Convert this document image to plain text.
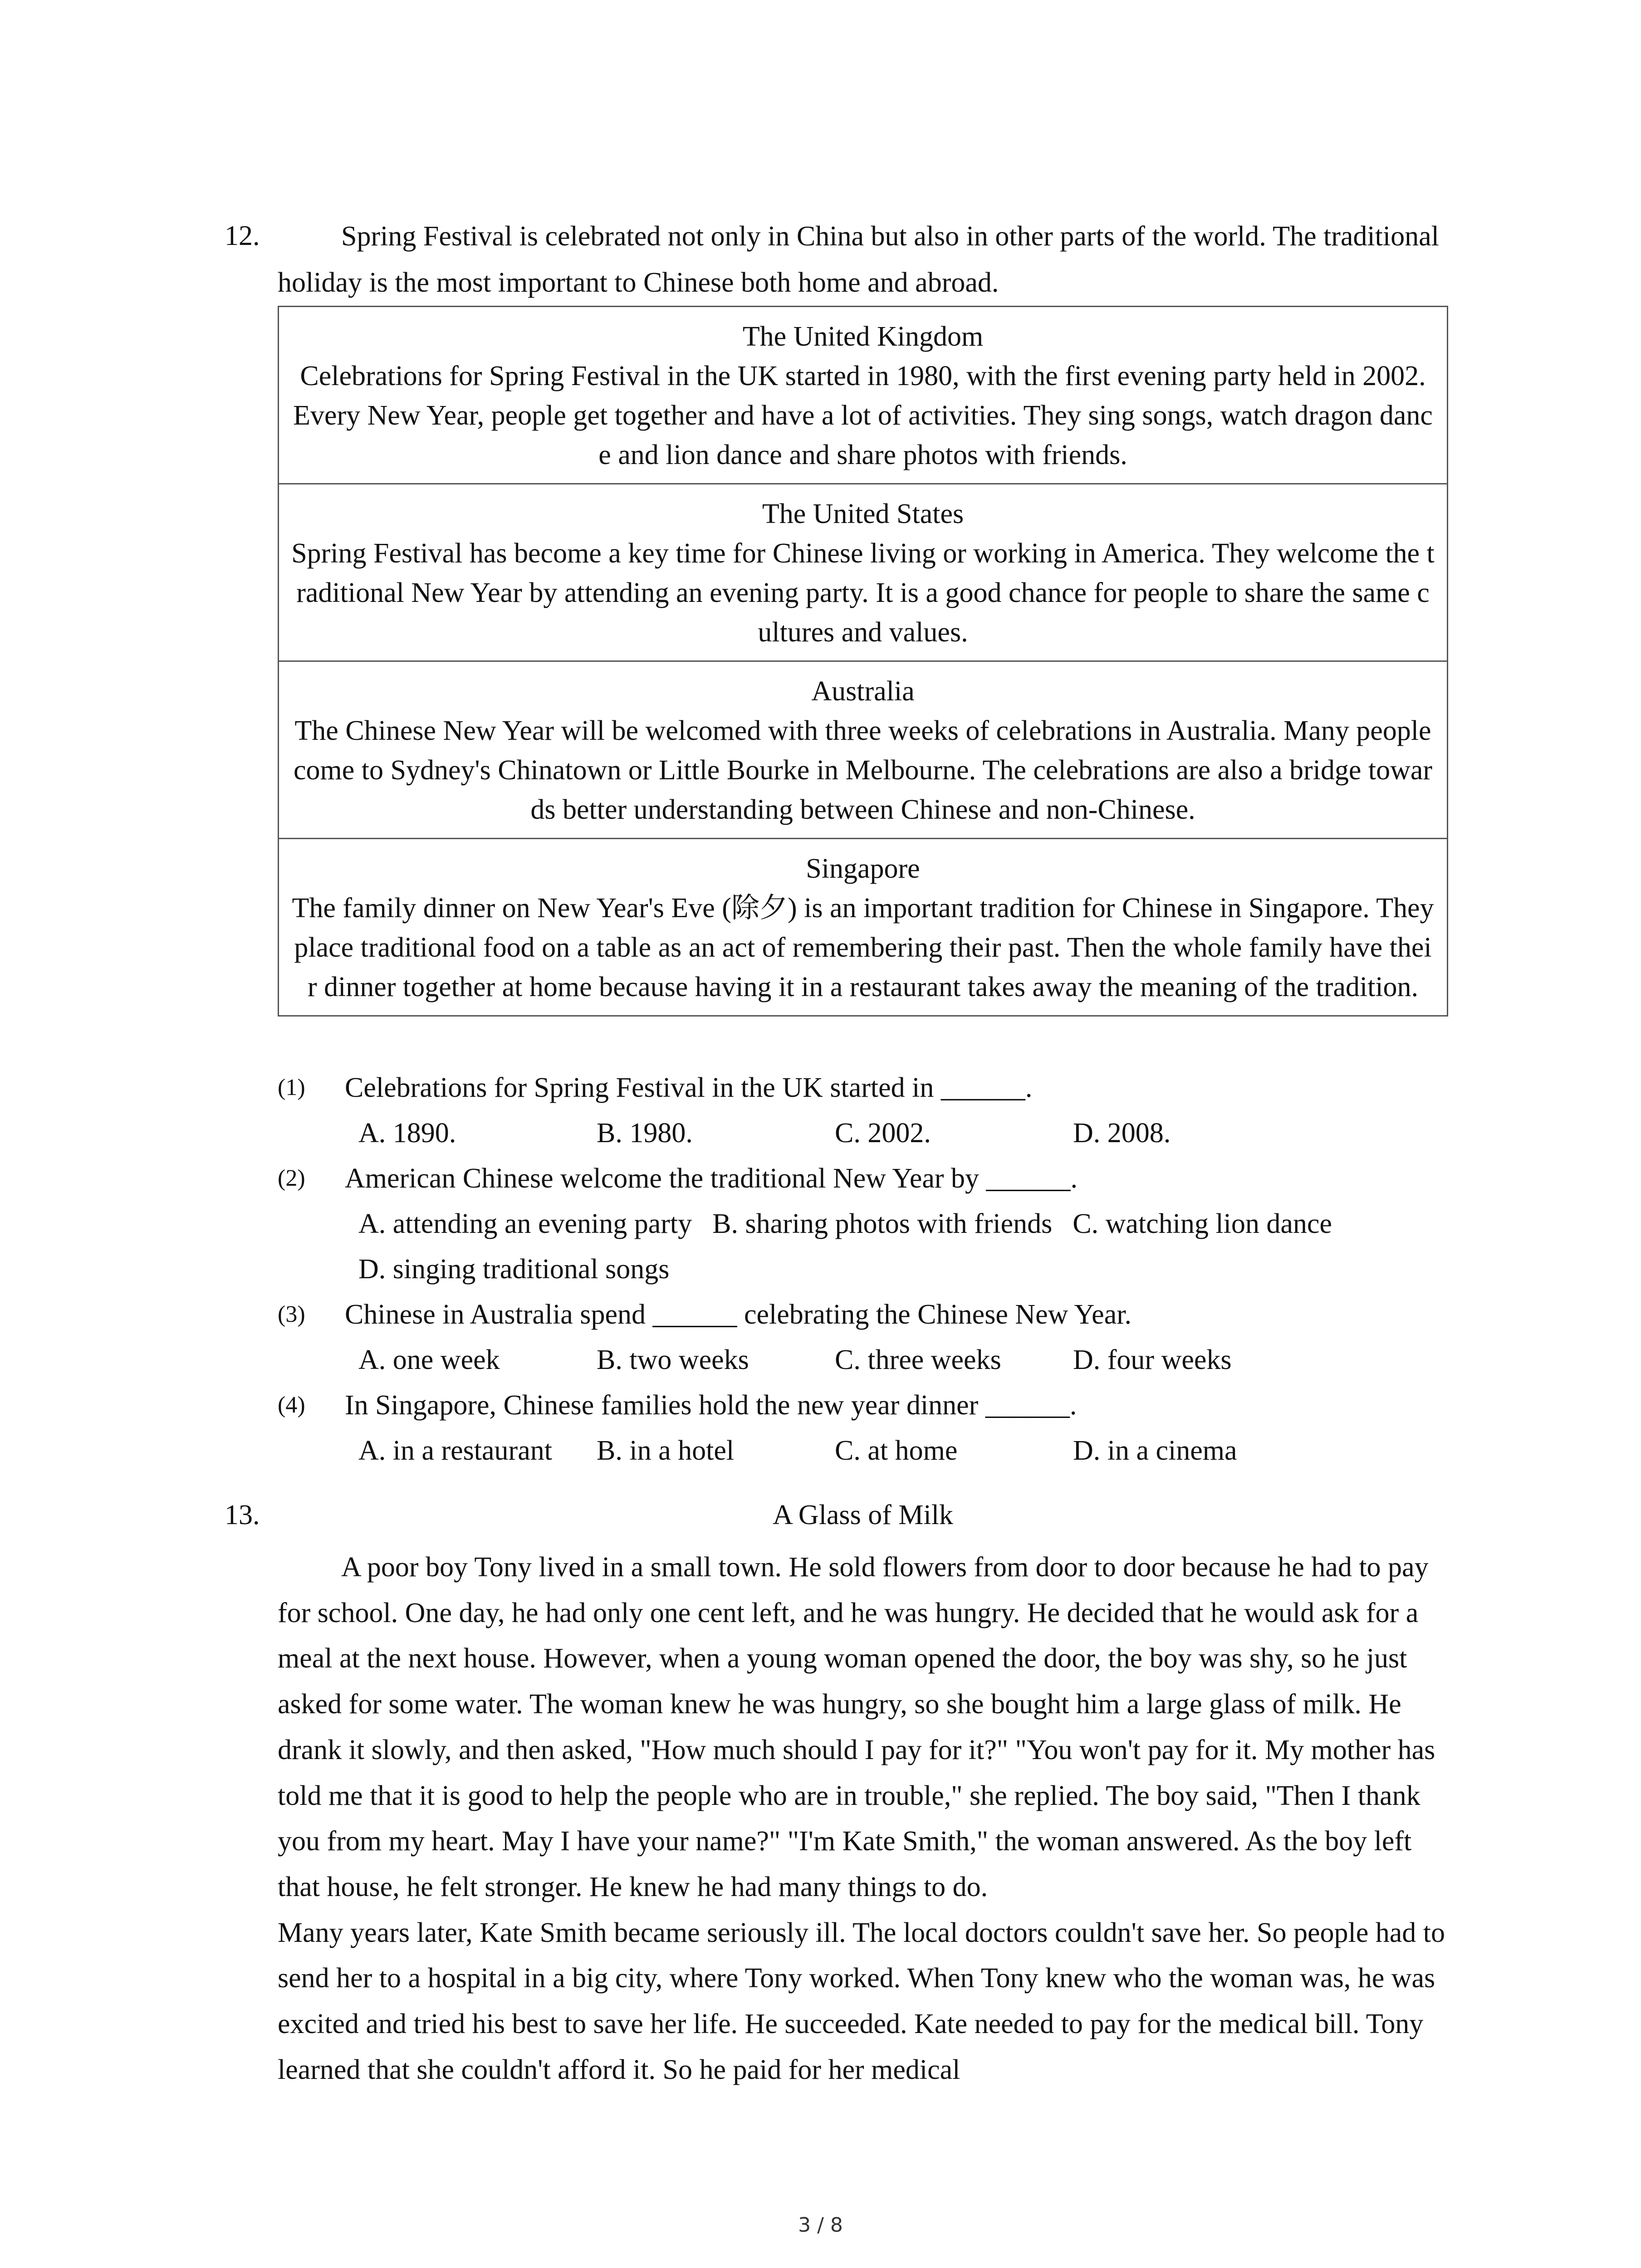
12.	Spring Festival is celebrated not only in China but also in other parts of the world. The traditional holiday is the most important to Chinese both home and abroad.
The United Kingdom
Celebrations for Spring Festival in the UK started in 1980, with the first evening party held in 2002. Every New Year, people get together and have a lot of activities. They sing songs, watch dragon dance and lion dance and share photos with friends.
The United States
Spring Festival has become a key time for Chinese living or working in America. They welcome the traditional New Year by attending an evening party. It is a good chance for people to share the same cultures and values.
Australia
The Chinese New Year will be welcomed with three weeks of celebrations in Australia. Many people come to Sydney's Chinatown or Little Bourke in Melbourne. The celebrations are also a bridge towards better understanding between Chinese and non-Chinese.
Singapore
The family dinner on New Year's Eve (除夕) is an important tradition for Chinese in Singapore. They place traditional food on a table as an act of remembering their past. Then the whole family have their dinner together at home because having it in a restaurant takes away the meaning of the tradition.
(1) Celebrations for Spring Festival in the UK started in ______.
A. 1890.	B. 1980.	C. 2002.	D. 2008.
(2) American Chinese welcome the traditional New Year by ______.
A. attending an evening party B. sharing photos with friends C. watching lion dance
D. singing traditional songs
(3) Chinese in Australia spend ______ celebrating the Chinese New Year.
A. one week	B. two weeks	C. three weeks	D. four weeks
(4) In Singapore, Chinese families hold the new year dinner ______.
A. in a restaurant B. in a hotel	C. at home	D. in a cinema
13.	A Glass of Milk

A poor boy Tony lived in a small town. He sold flowers from door to door because he had to pay for school. One day, he had only one cent left, and he was hungry. He decided that he would ask for a meal at the next house. However, when a young woman opened the door, the boy was shy, so he just asked for some water. The woman knew he was hungry, so she bought him a large glass of milk. He drank it slowly, and then asked, "How much should I pay for it?" "You won't pay for it. My mother has told me that it is good to help the people who are in trouble," she replied. The boy said, "Then I thank you from my heart. May I have your name?" "I'm Kate Smith," the woman answered. As the boy left that house, he felt stronger. He knew he had many things to do.

Many years later, Kate Smith became seriously ill. The local doctors couldn't save her. So people had to send her to a hospital in a big city, where Tony worked. When Tony knew who the woman was, he was excited and tried his best to save her life. He succeeded. Kate needed to pay for the medical bill. Tony learned that she couldn't afford it. So he paid for her medical

3 / 8
